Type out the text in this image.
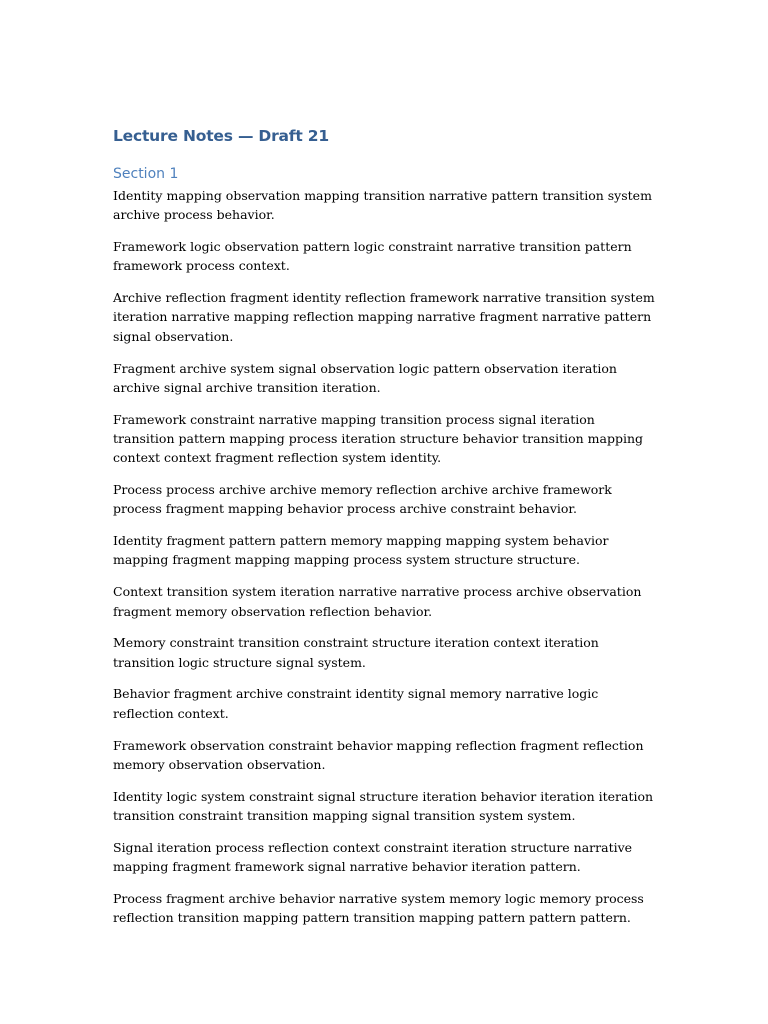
Lecture Notes — Draft 21
Section 1

Identity mapping observation mapping transition narrative pattern transition system archive process behavior.

Framework logic observation pattern logic constraint narrative transition pattern framework process context.

Archive reflection fragment identity reflection framework narrative transition system iteration narrative mapping reflection mapping narrative fragment narrative pattern signal observation.

Fragment archive system signal observation logic pattern observation iteration archive signal archive transition iteration.

Framework constraint narrative mapping transition process signal iteration transition pattern mapping process iteration structure behavior transition mapping context context fragment reflection system identity.

Process process archive archive memory reflection archive archive framework process fragment mapping behavior process archive constraint behavior.

Identity fragment pattern pattern memory mapping mapping system behavior mapping fragment mapping mapping process system structure structure.

Context transition system iteration narrative narrative process archive observation fragment memory observation reflection behavior.

Memory constraint transition constraint structure iteration context iteration transition logic structure signal system.

Behavior fragment archive constraint identity signal memory narrative logic reflection context.

Framework observation constraint behavior mapping reflection fragment reflection memory observation observation.

Identity logic system constraint signal structure iteration behavior iteration iteration transition constraint transition mapping signal transition system system.

Signal iteration process reflection context constraint iteration structure narrative mapping fragment framework signal narrative behavior iteration pattern.

Process fragment archive behavior narrative system memory logic memory process reflection transition mapping pattern transition mapping pattern pattern pattern.
